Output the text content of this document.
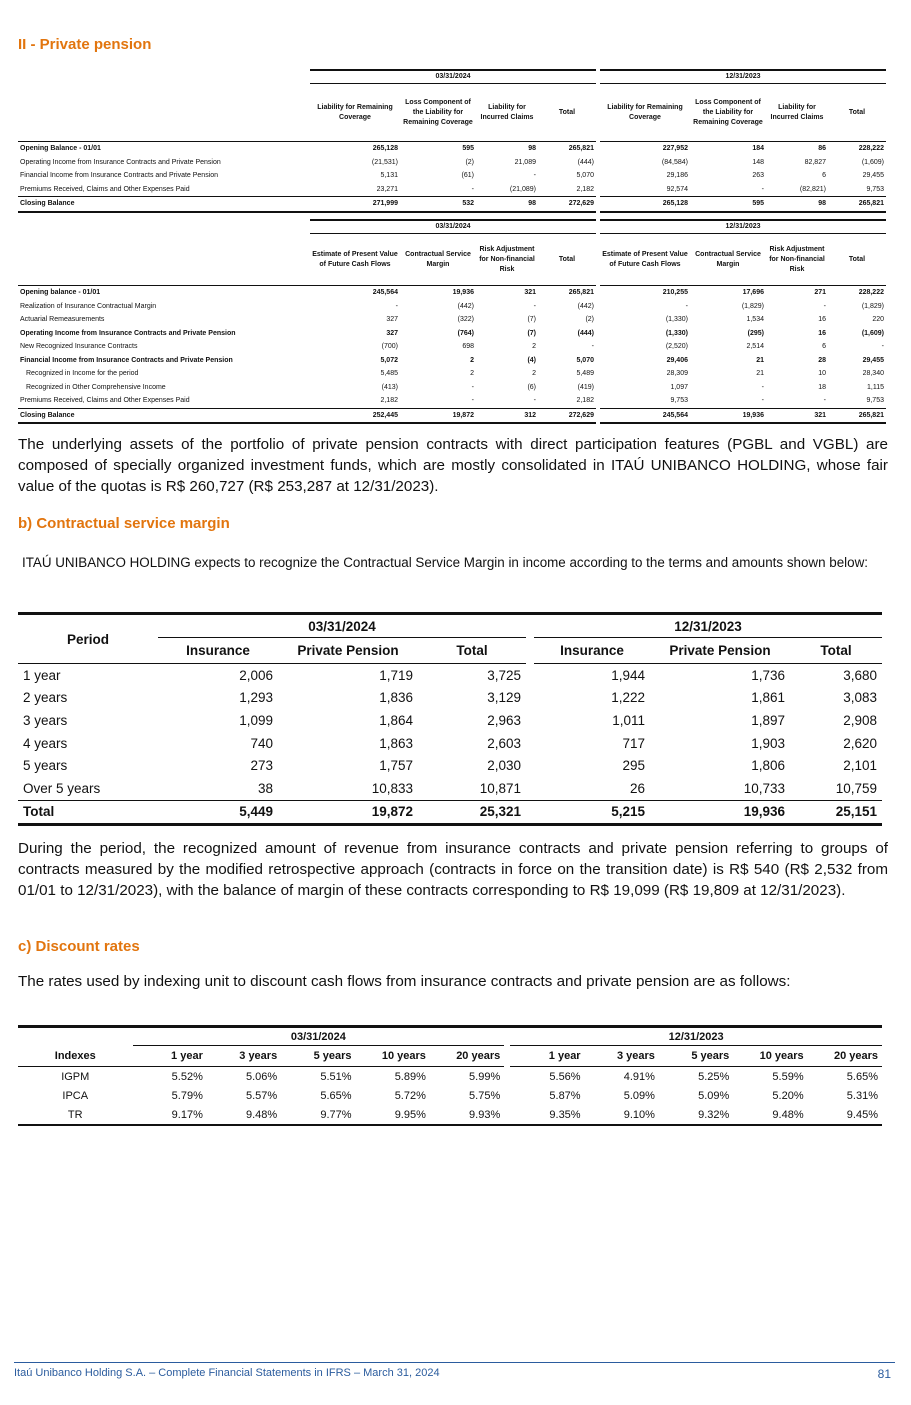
II - Private pension
	03/31/2024					12/31/2023			
	Liability for Remaining Coverage	Loss Component of the Liability for Remaining Coverage	Liability for Incurred Claims	Total		Liability for Remaining Coverage	Loss Component of the Liability for Remaining Coverage	Liability for Incurred Claims	Total
Opening Balance - 01/01	265,128	595	98	265,821		227,952	184	86	228,222
Operating Income from Insurance Contracts and Private Pension	(21,531)	(2)	21,089	(444)		(84,584)	148	82,827	(1,609)
Financial Income from Insurance Contracts and Private Pension	5,131	(61)	-	5,070		29,186	263	6	29,455
Premiums Received, Claims and Other Expenses Paid	23,271	-	(21,089)	2,182		92,574	-	(82,821)	9,753
Closing Balance	271,999	532	98	272,629		265,128	595	98	265,821
	03/31/2024					12/31/2023			
	Estimate of Present Value of Future Cash Flows	Contractual Service Margin	Risk Adjustment for Non-financial Risk	Total		Estimate of Present Value of Future Cash Flows	Contractual Service Margin	Risk Adjustment for Non-financial Risk	Total
Opening balance - 01/01	245,564	19,936	321	265,821		210,255	17,696	271	228,222
Realization of Insurance Contractual Margin	-	(442)	-	(442)		-	(1,829)	-	(1,829)
Actuarial Remeasurements	327	(322)	(7)	(2)		(1,330)	1,534	16	220
Operating Income from Insurance Contracts and Private Pension	327	(764)	(7)	(444)		(1,330)	(295)	16	(1,609)
New Recognized Insurance Contracts	(700)	698	2	-		(2,520)	2,514	6	-
Financial Income from Insurance Contracts and Private Pension	5,072	2	(4)	5,070		29,406	21	28	29,455
Recognized in Income for the period	5,485	2	2	5,489		28,309	21	10	28,340
Recognized in Other Comprehensive Income	(413)	-	(6)	(419)		1,097	-	18	1,115
Premiums Received, Claims and Other Expenses Paid	2,182	-	-	2,182		9,753	-	-	9,753
Closing Balance	252,445	19,872	312	272,629		245,564	19,936	321	265,821

The underlying assets of the portfolio of private pension contracts with direct participation features (PGBL and VGBL) are composed of specially organized investment funds, which are mostly consolidated in ITAÚ UNIBANCO HOLDING, whose fair value of the quotas is R$ 260,727 (R$ 253,287 at 12/31/2023).

b) Contractual service margin

ITAÚ UNIBANCO HOLDING expects to recognize the Contractual Service Margin in income according to the terms and amounts shown below:

Period	03/31/2024				12/31/2023		
	Insurance	Private Pension	Total		Insurance	Private Pension	Total
1 year	2,006	1,719	3,725		1,944	1,736	3,680
2 years	1,293	1,836	3,129		1,222	1,861	3,083
3 years	1,099	1,864	2,963		1,011	1,897	2,908
4 years	740	1,863	2,603		717	1,903	2,620
5 years	273	1,757	2,030		295	1,806	2,101
Over 5 years	38	10,833	10,871		26	10,733	10,759
Total	5,449	19,872	25,321		5,215	19,936	25,151

During the period, the recognized amount of revenue from insurance contracts and private pension referring to groups of contracts measured by the modified retrospective approach (contracts in force on the transition date) is R$ 540 (R$ 2,532 from 01/01 to 12/31/2023), with the balance of margin of these contracts corresponding to R$ 19,099 (R$ 19,809 at 12/31/2023).

c) Discount rates

The rates used by indexing unit to discount cash flows from insurance contracts and private pension are as follows:

	03/31/2024						12/31/2023				
Indexes	1 year	3 years	5 years	10 years	20 years		1 year	3 years	5 years	10 years	20 years
IGPM	5.52%	5.06%	5.51%	5.89%	5.99%		5.56%	4.91%	5.25%	5.59%	5.65%
IPCA	5.79%	5.57%	5.65%	5.72%	5.75%		5.87%	5.09%	5.09%	5.20%	5.31%
TR	9.17%	9.48%	9.77%	9.95%	9.93%		9.35%	9.10%	9.32%	9.48%	9.45%
Itaú Unibanco Holding S.A. – Complete Financial Statements in IFRS – March 31, 2024	81
